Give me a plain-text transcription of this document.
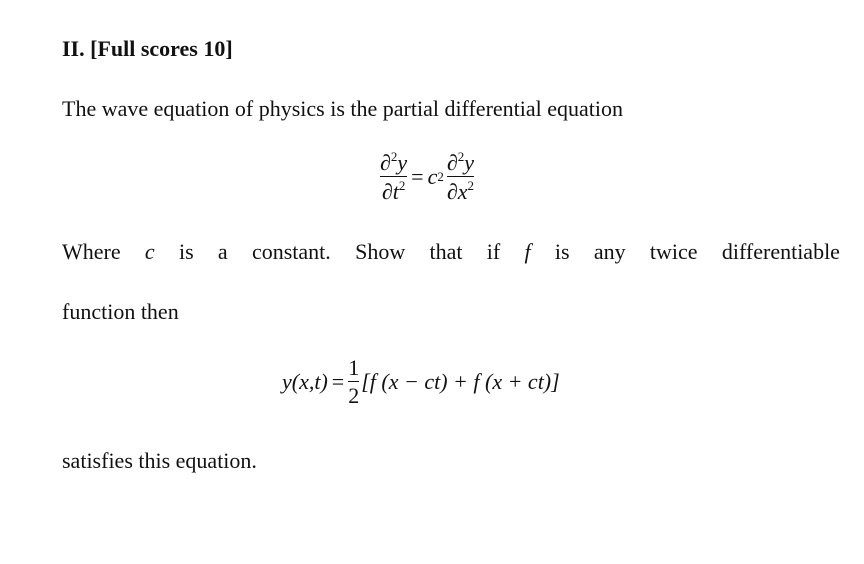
II. [Full scores 10]
The wave equation of physics is the partial differential equation
$\frac{\partial^2y}{\partial t^2} = c$ $2 \frac{\partial^2y}{\partial x^2}$
Where c is a constant. Show that if f is any twice differentiable
function then
$y(x,t) = \frac{1}{2} [f$ (x − ct) + f (x + ct)]
satisfies this equation.
